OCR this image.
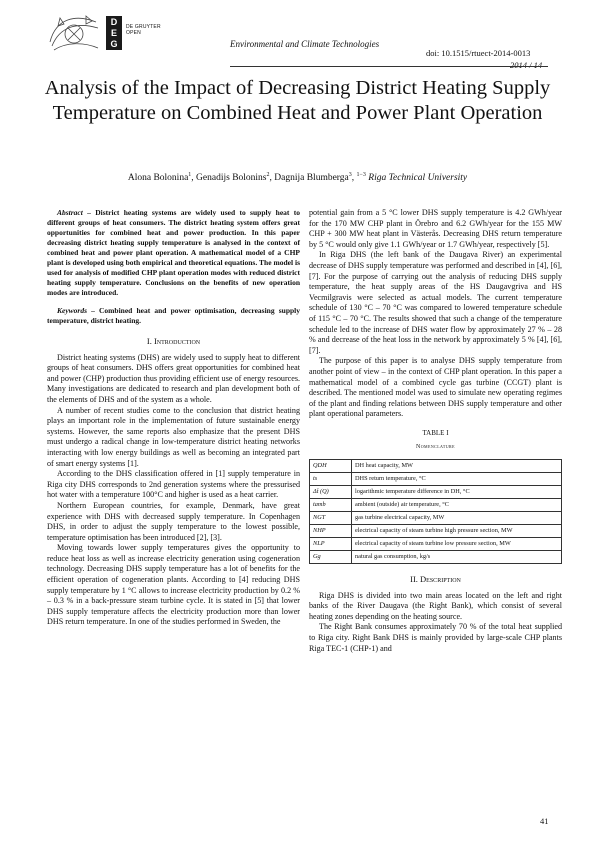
D
E
G
DE GRUYTER
OPEN
Environmental and Climate Technologies
doi: 10.1515/rtuect-2014-0013
2014 / 14
Analysis of the Impact of Decreasing District Heating Supply Temperature on Combined Heat and Power Plant Operation
Alona Bolonina$^1$, Genadijs Bolonins$^2$, Dagnija Blumberga$^3$, $^{1-3}$ Riga Technical University

Abstract – District heating systems are widely used to supply heat to different groups of heat consumers. The district heating system offers great opportunities for combined heat and power production. In this paper decreasing district heating supply temperature is analysed in the context of combined heat and power plant operation. A mathematical model of a CHP plant is developed using both empirical and theoretical equations. The model is used for analysis of modified CHP plant operation modes with reduced district heating supply temperature. Conclusions on the benefits of new operation modes are introduced.

Keywords – Combined heat and power optimisation, decreasing supply temperature, district heating.

I. Introduction

District heating systems (DHS) are widely used to supply heat to different groups of heat consumers. DHS offers great opportunities for combined heat and power (CHP) production thus providing efficient use of energy resources. Many investigations are dedicated to research and plan development both of the elements of DHS and of the system as a whole.

A number of recent studies come to the conclusion that district heating plays an important role in the implementation of future sustainable energy systems. However, the same reports also emphasize that the present DHS must undergo a radical change in low-temperature district heating networks interacting with low energy buildings as well as becoming an integrated part of smart energy systems [1].

According to the DHS classification offered in [1] supply temperature in Riga city DHS corresponds to 2nd generation systems where the pressurised hot water with a temperature 100°C and higher is used as a heat carrier.

Northern European countries, for example, Denmark, have great experience with DHS with decreased supply temperature. In Copenhagen DHS, in order to adjust the supply temperature to the lowest possible, temperature optimisation has been introduced [2], [3].

Moving towards lower supply temperatures gives the opportunity to reduce heat loss as well as increase electricity generation using cogeneration technology. Decreasing DHS supply temperature has a lot of benefits for the efficient operation of cogeneration plants. According to [4] reducing DHS supply temperature by 1 °C allows to increase electricity production by 0.2 % – 0.3 % in a back-pressure steam turbine cycle. It is stated in [5] that lower DHS supply temperature affects the electricity production more than lower DHS return temperature. In one of the studies performed in Sweden, the

potential gain from a 5 °C lower DHS supply temperature is 4.2 GWh/year for the 170 MW CHP plant in Örebro and 6.2 GWh/year for the 155 MW CHP + 300 MW heat plant in Västerås. Decreasing DHS return temperature by 5 °C would only give 1.1 GWh/year or 1.7 GWh/year, respectively [5].

In Riga DHS (the left bank of the Daugava River) an experimental decrease of DHS supply temperature was performed and described in [4], [6], [7]. For the purpose of carrying out the analysis of reducing DHS supply temperature, the heat supply areas of the HS Daugavgriva and HS Vecmilgravis were selected as actual models. The current temperature schedule of 130 °C – 70 °C was compared to lowered temperature schedule of 115 °C – 70 °C. The results showed that such a change of the temperature schedule led to the increase of DHS water flow by approximately 27 % – 28 % and decrease of the heat loss in the network by approximately 5 % [4], [6], [7].

The purpose of this paper is to analyse DHS supply temperature from another point of view – in the context of CHP plant operation. In this paper a mathematical model of a combined cycle gas turbine (CCGT) plant is described. The mentioned model was used to simulate new operating regimes of the plant and finding relations between DHS supply temperature and other plant operational parameters.

TABLE I
Nomenclature
QDH	DH heat capacity, MW
ts	DHS return temperature, °C
Δt̄ (Q)	logarithmic temperature difference in DH, °C
tamb	ambient (outside) air temperature, °C
NGT	gas turbine electrical capacity, MW
NHP	electrical capacity of steam turbine high pressure section, MW
NLP	electrical capacity of steam turbine low pressure section, MW
Gg	natural gas consumption, kg/s
II. Description

Riga DHS is divided into two main areas located on the left and right banks of the River Daugava (the Right Bank), which consist of several heating zones depending on the heating source.

The Right Bank consumes approximately 70 % of the total heat supplied to Riga city. Right Bank DHS is mainly provided by large-scale CHP plants Riga TEC-1 (CHP-1) and

41
